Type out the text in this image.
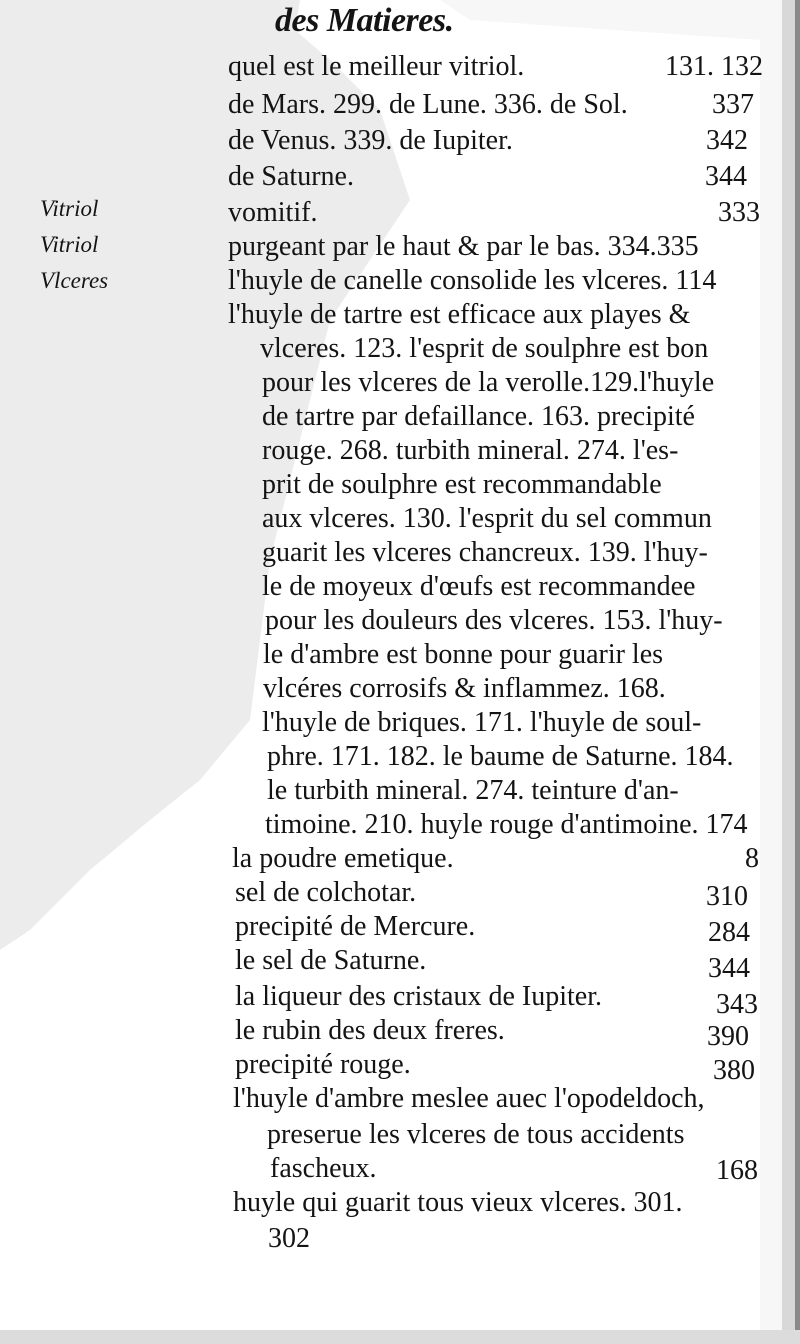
des Matieres.
Vitriol
Vitriol
Vlceres
quel est le meilleur vitriol.	131. 132
de Mars. 299. de Lune. 336. de Sol.	337
de Venus. 339. de Iupiter.	342
de Saturne.	344
vomitif.	333
purgeant par le haut & par le bas. 334.335
l'huyle de canelle consolide les vlceres. 114
l'huyle de tartre est efficace aux playes &
vlceres. 123. l'esprit de soulphre est bon
pour les vlceres de la verolle.129.l'huyle
de tartre par defaillance. 163. precipité
rouge. 268. turbith mineral. 274. l'es-
prit de soulphre est recommandable
aux vlceres. 130. l'esprit du sel commun
guarit les vlceres chancreux. 139. l'huy-
le de moyeux d'œufs est recommandee
pour les douleurs des vlceres. 153. l'huy-
le d'ambre est bonne pour guarir les
vlcéres corrosifs & inflammez. 168.
l'huyle de briques. 171. l'huyle de soul-
phre. 171. 182. le baume de Saturne. 184.
le turbith mineral. 274. teinture d'an-
timoine. 210. huyle rouge d'antimoine. 174
la poudre emetique.	8
sel de colchotar.	310
precipité de Mercure.	284
le sel de Saturne.	344
la liqueur des cristaux de Iupiter.	343
le rubin des deux freres.	390
precipité rouge.	380
l'huyle d'ambre meslee auec l'opodeldoch,
preserue les vlceres de tous accidents
fascheux.	168
huyle qui guarit tous vieux vlceres. 301.
302
